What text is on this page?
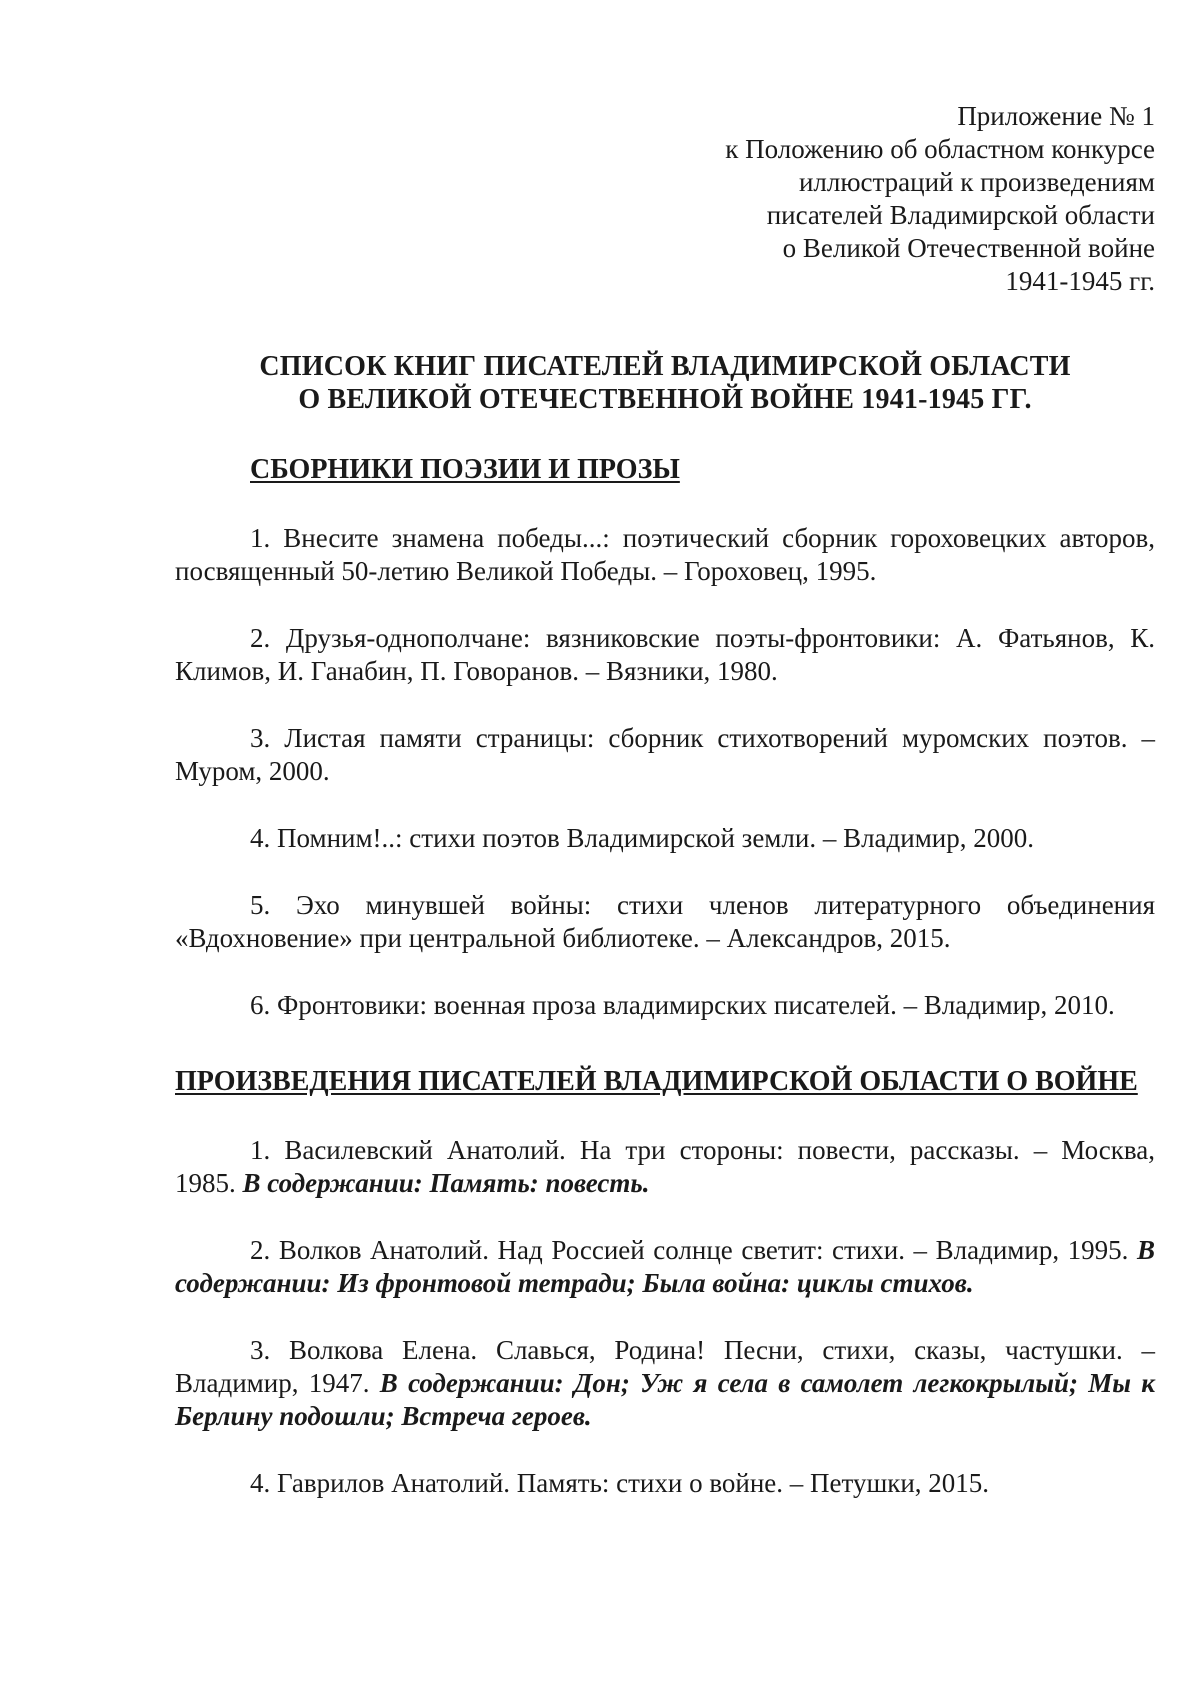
Приложение № 1
к Положению об областном конкурсе
иллюстраций к произведениям
писателей Владимирской области
о Великой Отечественной войне
1941-1945 гг.
СПИСОК КНИГ ПИСАТЕЛЕЙ ВЛАДИМИРСКОЙ ОБЛАСТИ
О ВЕЛИКОЙ ОТЕЧЕСТВЕННОЙ ВОЙНЕ 1941-1945 ГГ.
СБОРНИКИ ПОЭЗИИ И ПРОЗЫ

1. Внесите знамена победы...: поэтический сборник гороховецких авторов, посвященный 50-летию Великой Победы. – Гороховец, 1995.

2. Друзья-однополчане: вязниковские поэты-фронтовики: А. Фатьянов, К. Климов, И. Ганабин, П. Говоранов. – Вязники, 1980.

3. Листая памяти страницы: сборник стихотворений муромских поэтов. – Муром, 2000.

4. Помним!..: стихи поэтов Владимирской земли. – Владимир, 2000.

5. Эхо минувшей войны: стихи членов литературного объединения «Вдохновение» при центральной библиотеке. – Александров, 2015.

6. Фронтовики: военная проза владимирских писателей. – Владимир, 2010.

ПРОИЗВЕДЕНИЯ ПИСАТЕЛЕЙ ВЛАДИМИРСКОЙ ОБЛАСТИ О ВОЙНЕ

1. Василевский Анатолий. На три стороны: повести, рассказы. – Москва, 1985. В содержании: Память: повесть.

2. Волков Анатолий. Над Россией солнце светит: стихи. – Владимир, 1995. В содержании: Из фронтовой тетради; Была война: циклы стихов.

3. Волкова Елена. Славься, Родина! Песни, стихи, сказы, частушки. – Владимир, 1947. В содержании: Дон; Уж я села в самолет легкокрылый; Мы к Берлину подошли; Встреча героев.

4. Гаврилов Анатолий. Память: стихи о войне. – Петушки, 2015.
